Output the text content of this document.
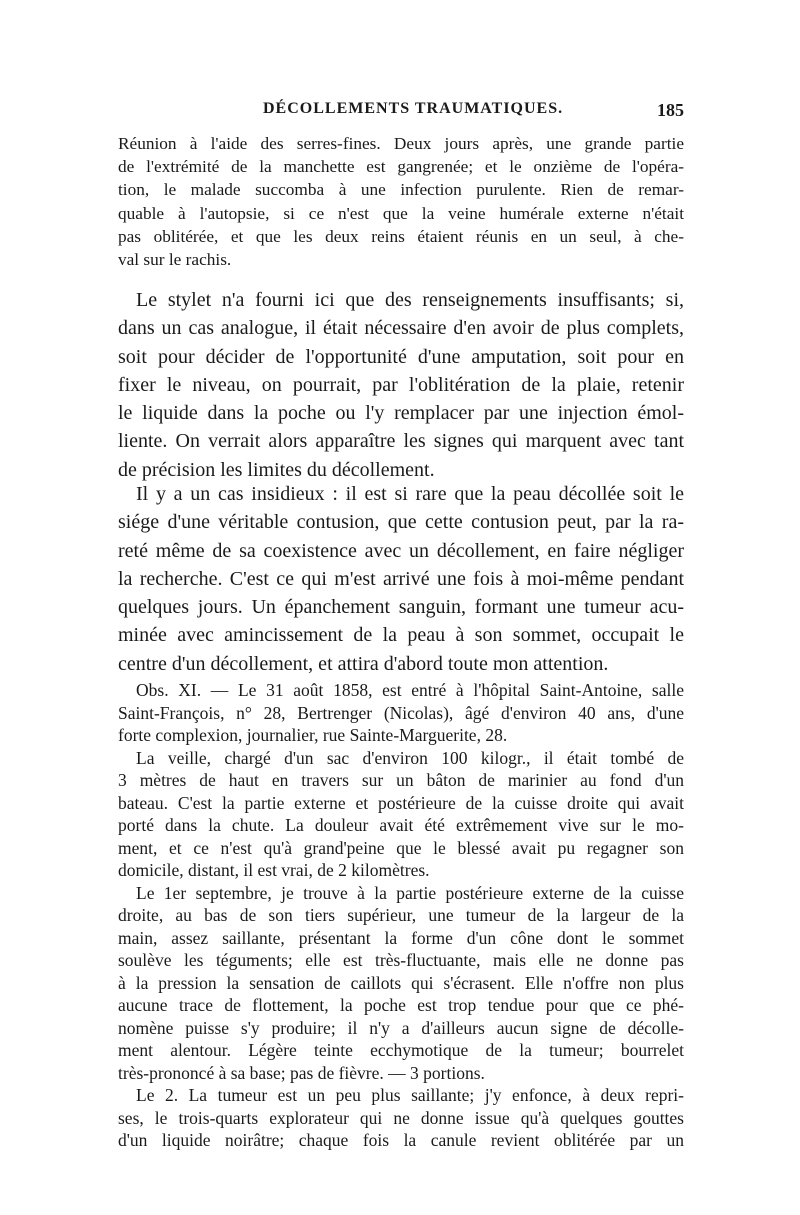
DÉCOLLEMENTS TRAUMATIQUES.	185
Réunion à l'aide des serres-fines. Deux jours après, une grande partie
de l'extrémité de la manchette est gangrenée; et le onzième de l'opéra-
tion, le malade succomba à une infection purulente. Rien de remar-
quable à l'autopsie, si ce n'est que la veine humérale externe n'était
pas oblitérée, et que les deux reins étaient réunis en un seul, à che-
val sur le rachis.
Le stylet n'a fourni ici que des renseignements insuffisants; si,
dans un cas analogue, il était nécessaire d'en avoir de plus complets,
soit pour décider de l'opportunité d'une amputation, soit pour en
fixer le niveau, on pourrait, par l'oblitération de la plaie, retenir
le liquide dans la poche ou l'y remplacer par une injection émol-
liente. On verrait alors apparaître les signes qui marquent avec tant
de précision les limites du décollement.
Il y a un cas insidieux : il est si rare que la peau décollée soit le
siége d'une véritable contusion, que cette contusion peut, par la ra-
reté même de sa coexistence avec un décollement, en faire négliger
la recherche. C'est ce qui m'est arrivé une fois à moi-même pendant
quelques jours. Un épanchement sanguin, formant une tumeur acu-
minée avec amincissement de la peau à son sommet, occupait le
centre d'un décollement, et attira d'abord toute mon attention.
Obs. XI. — Le 31 août 1858, est entré à l'hôpital Saint-Antoine, salle
Saint-François, n° 28, Bertrenger (Nicolas), âgé d'environ 40 ans, d'une
forte complexion, journalier, rue Sainte-Marguerite, 28.
La veille, chargé d'un sac d'environ 100 kilogr., il était tombé de
3 mètres de haut en travers sur un bâton de marinier au fond d'un
bateau. C'est la partie externe et postérieure de la cuisse droite qui avait
porté dans la chute. La douleur avait été extrêmement vive sur le mo-
ment, et ce n'est qu'à grand'peine que le blessé avait pu regagner son
domicile, distant, il est vrai, de 2 kilomètres.
Le 1er septembre, je trouve à la partie postérieure externe de la cuisse
droite, au bas de son tiers supérieur, une tumeur de la largeur de la
main, assez saillante, présentant la forme d'un cône dont le sommet
soulève les téguments; elle est très-fluctuante, mais elle ne donne pas
à la pression la sensation de caillots qui s'écrasent. Elle n'offre non plus
aucune trace de flottement, la poche est trop tendue pour que ce phé-
nomène puisse s'y produire; il n'y a d'ailleurs aucun signe de décolle-
ment alentour. Légère teinte ecchymotique de la tumeur; bourrelet
très-prononcé à sa base; pas de fièvre. — 3 portions.
Le 2. La tumeur est un peu plus saillante; j'y enfonce, à deux repri-
ses, le trois-quarts explorateur qui ne donne issue qu'à quelques gouttes
d'un liquide noirâtre; chaque fois la canule revient oblitérée par un
